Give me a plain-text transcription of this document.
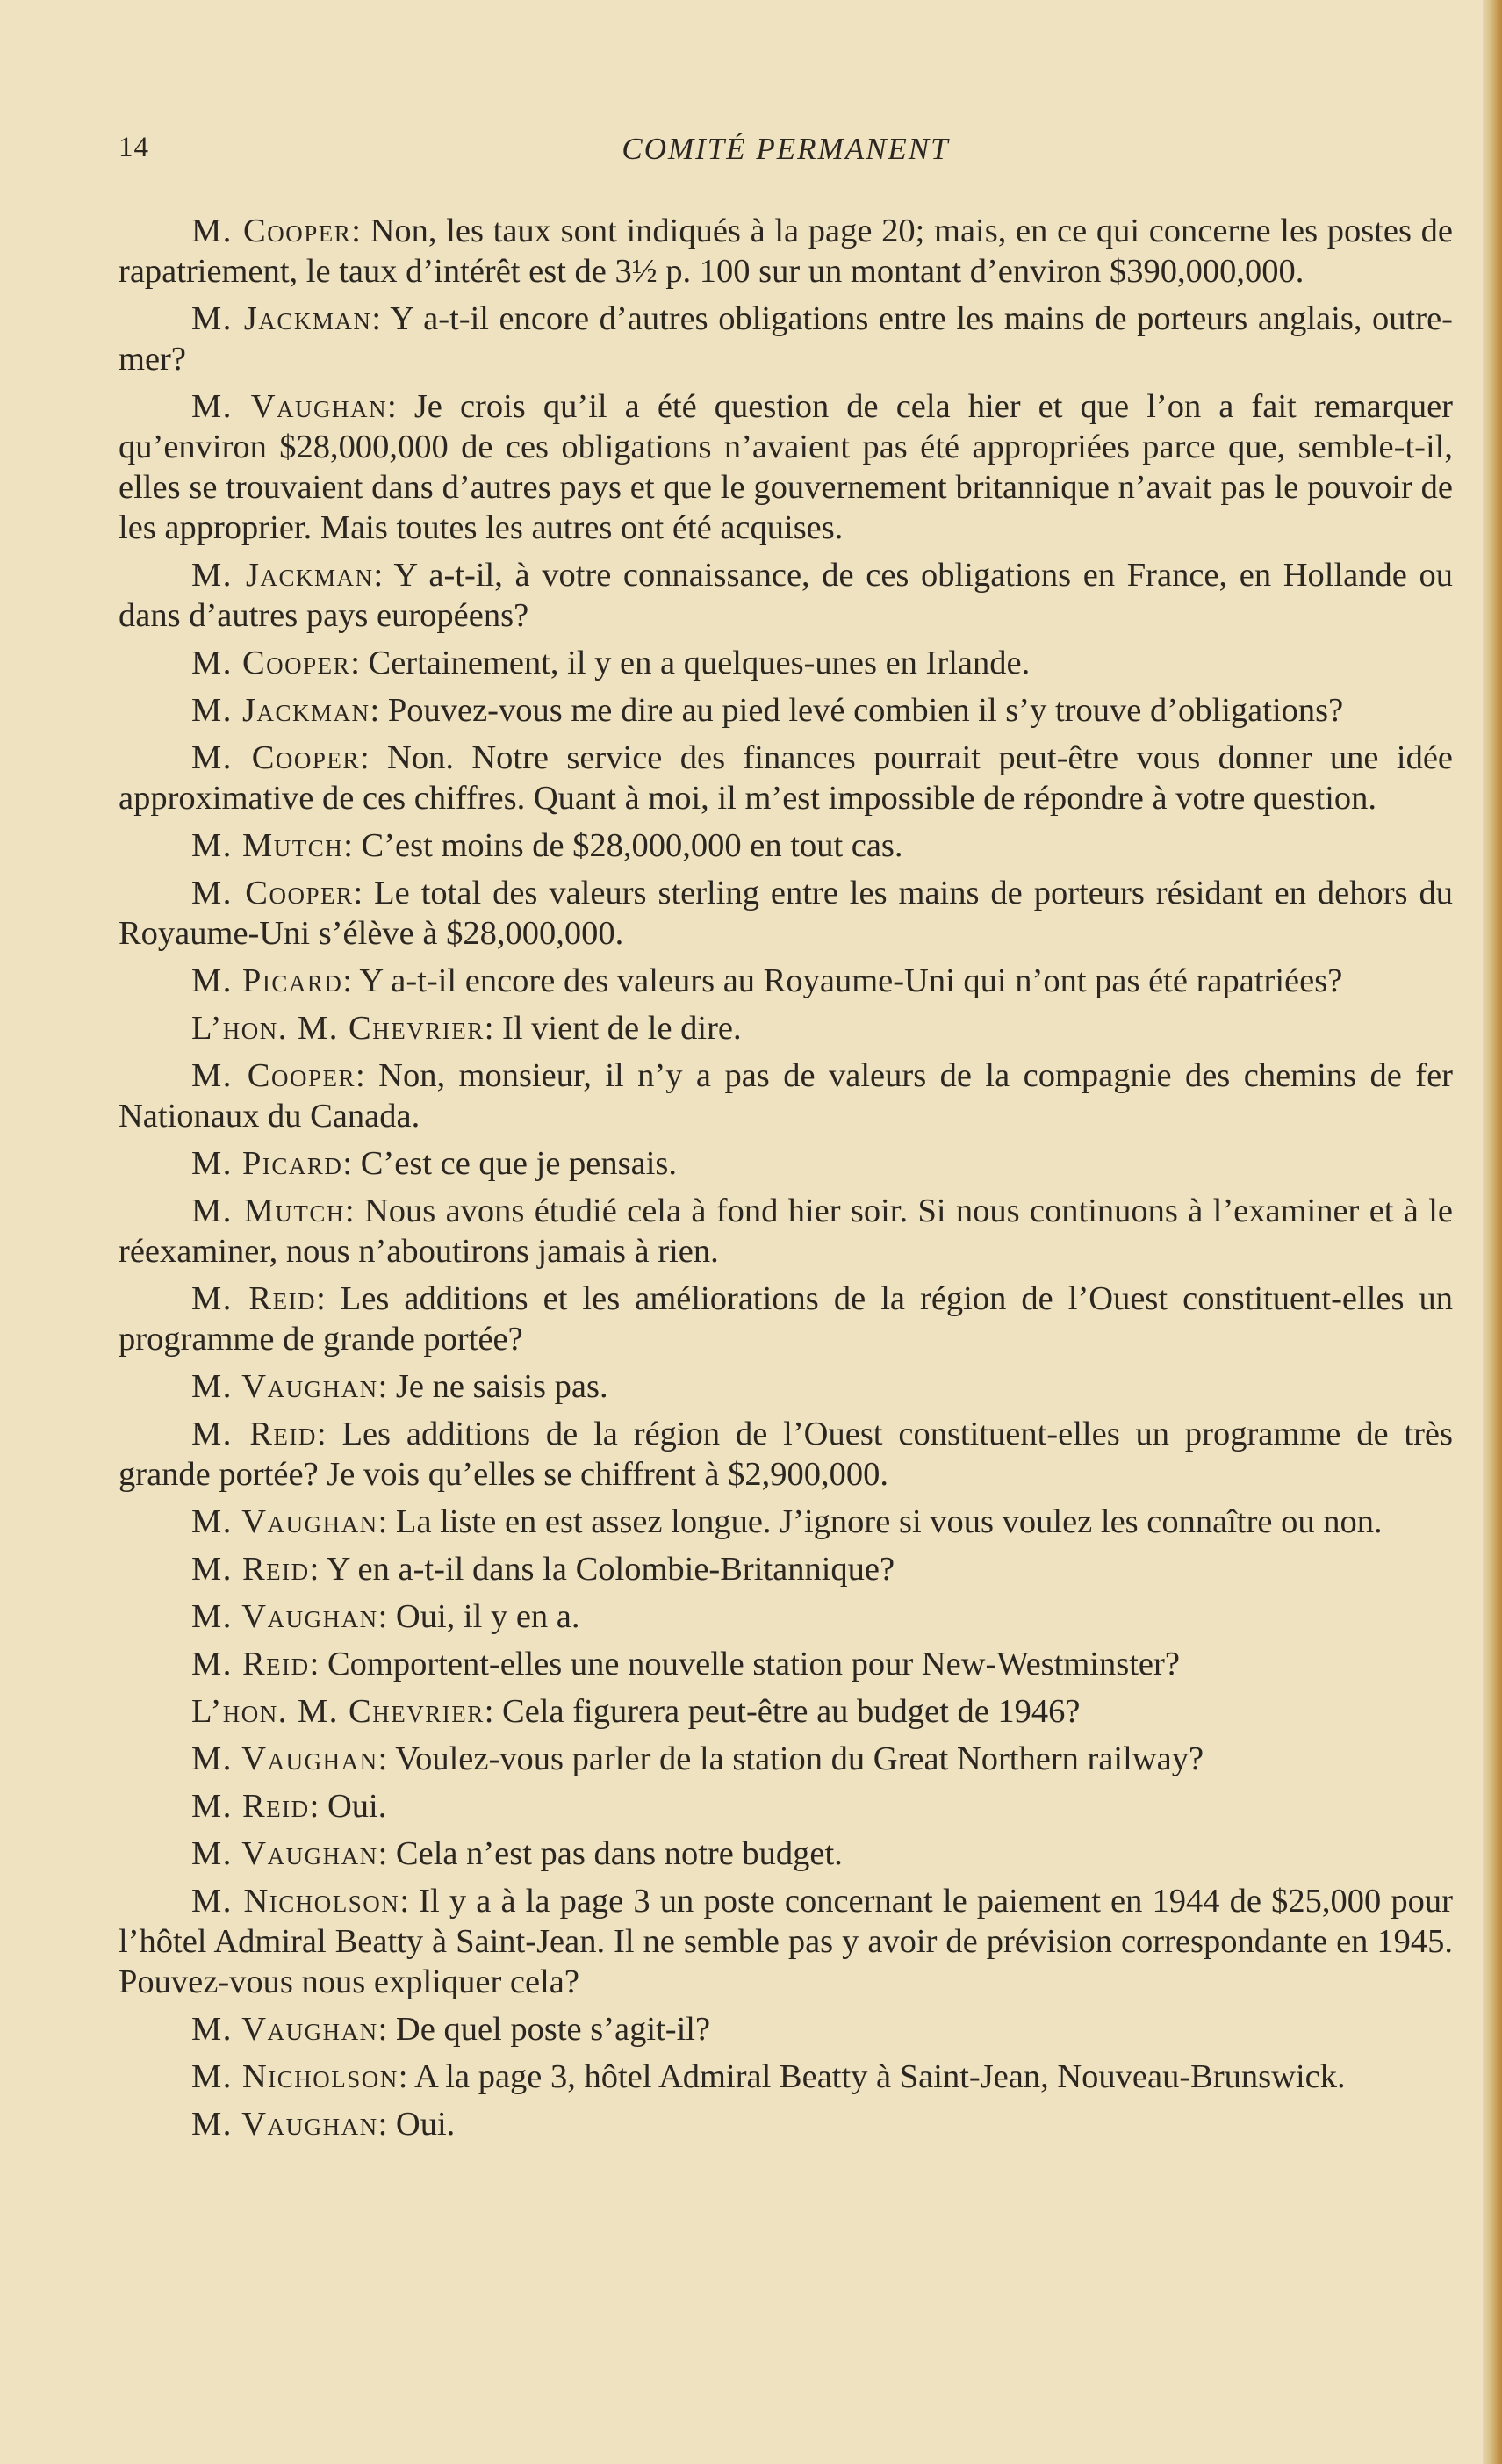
14	COMITÉ PERMANENT

M. Cooper: Non, les taux sont indiqués à la page 20; mais, en ce qui concerne les postes de rapatriement, le taux d’intérêt est de 3½ p. 100 sur un montant d’environ $390,000,000.

M. Jackman: Y a-t-il encore d’autres obligations entre les mains de porteurs anglais, outre-mer?

M. Vaughan: Je crois qu’il a été question de cela hier et que l’on a fait remarquer qu’environ $28,000,000 de ces obligations n’avaient pas été appropriées parce que, semble-t-il, elles se trouvaient dans d’autres pays et que le gouvernement britannique n’avait pas le pouvoir de les approprier. Mais toutes les autres ont été acquises.

M. Jackman: Y a-t-il, à votre connaissance, de ces obligations en France, en Hollande ou dans d’autres pays européens?

M. Cooper: Certainement, il y en a quelques-unes en Irlande.

M. Jackman: Pouvez-vous me dire au pied levé combien il s’y trouve d’obligations?

M. Cooper: Non. Notre service des finances pourrait peut-être vous donner une idée approximative de ces chiffres. Quant à moi, il m’est impossible de répondre à votre question.

M. Mutch: C’est moins de $28,000,000 en tout cas.

M. Cooper: Le total des valeurs sterling entre les mains de porteurs résidant en dehors du Royaume-Uni s’élève à $28,000,000.

M. Picard: Y a-t-il encore des valeurs au Royaume-Uni qui n’ont pas été rapatriées?

L’hon. M. Chevrier: Il vient de le dire.

M. Cooper: Non, monsieur, il n’y a pas de valeurs de la compagnie des chemins de fer Nationaux du Canada.

M. Picard: C’est ce que je pensais.

M. Mutch: Nous avons étudié cela à fond hier soir. Si nous continuons à l’examiner et à le réexaminer, nous n’aboutirons jamais à rien.

M. Reid: Les additions et les améliorations de la région de l’Ouest constituent-elles un programme de grande portée?

M. Vaughan: Je ne saisis pas.

M. Reid: Les additions de la région de l’Ouest constituent-elles un programme de très grande portée? Je vois qu’elles se chiffrent à $2,900,000.

M. Vaughan: La liste en est assez longue. J’ignore si vous voulez les connaître ou non.

M. Reid: Y en a-t-il dans la Colombie-Britannique?

M. Vaughan: Oui, il y en a.

M. Reid: Comportent-elles une nouvelle station pour New-Westminster?

L’hon. M. Chevrier: Cela figurera peut-être au budget de 1946?

M. Vaughan: Voulez-vous parler de la station du Great Northern railway?

M. Reid: Oui.

M. Vaughan: Cela n’est pas dans notre budget.

M. Nicholson: Il y a à la page 3 un poste concernant le paiement en 1944 de $25,000 pour l’hôtel Admiral Beatty à Saint-Jean. Il ne semble pas y avoir de prévision correspondante en 1945. Pouvez-vous nous expliquer cela?

M. Vaughan: De quel poste s’agit-il?

M. Nicholson: A la page 3, hôtel Admiral Beatty à Saint-Jean, Nouveau-Brunswick.

M. Vaughan: Oui.
